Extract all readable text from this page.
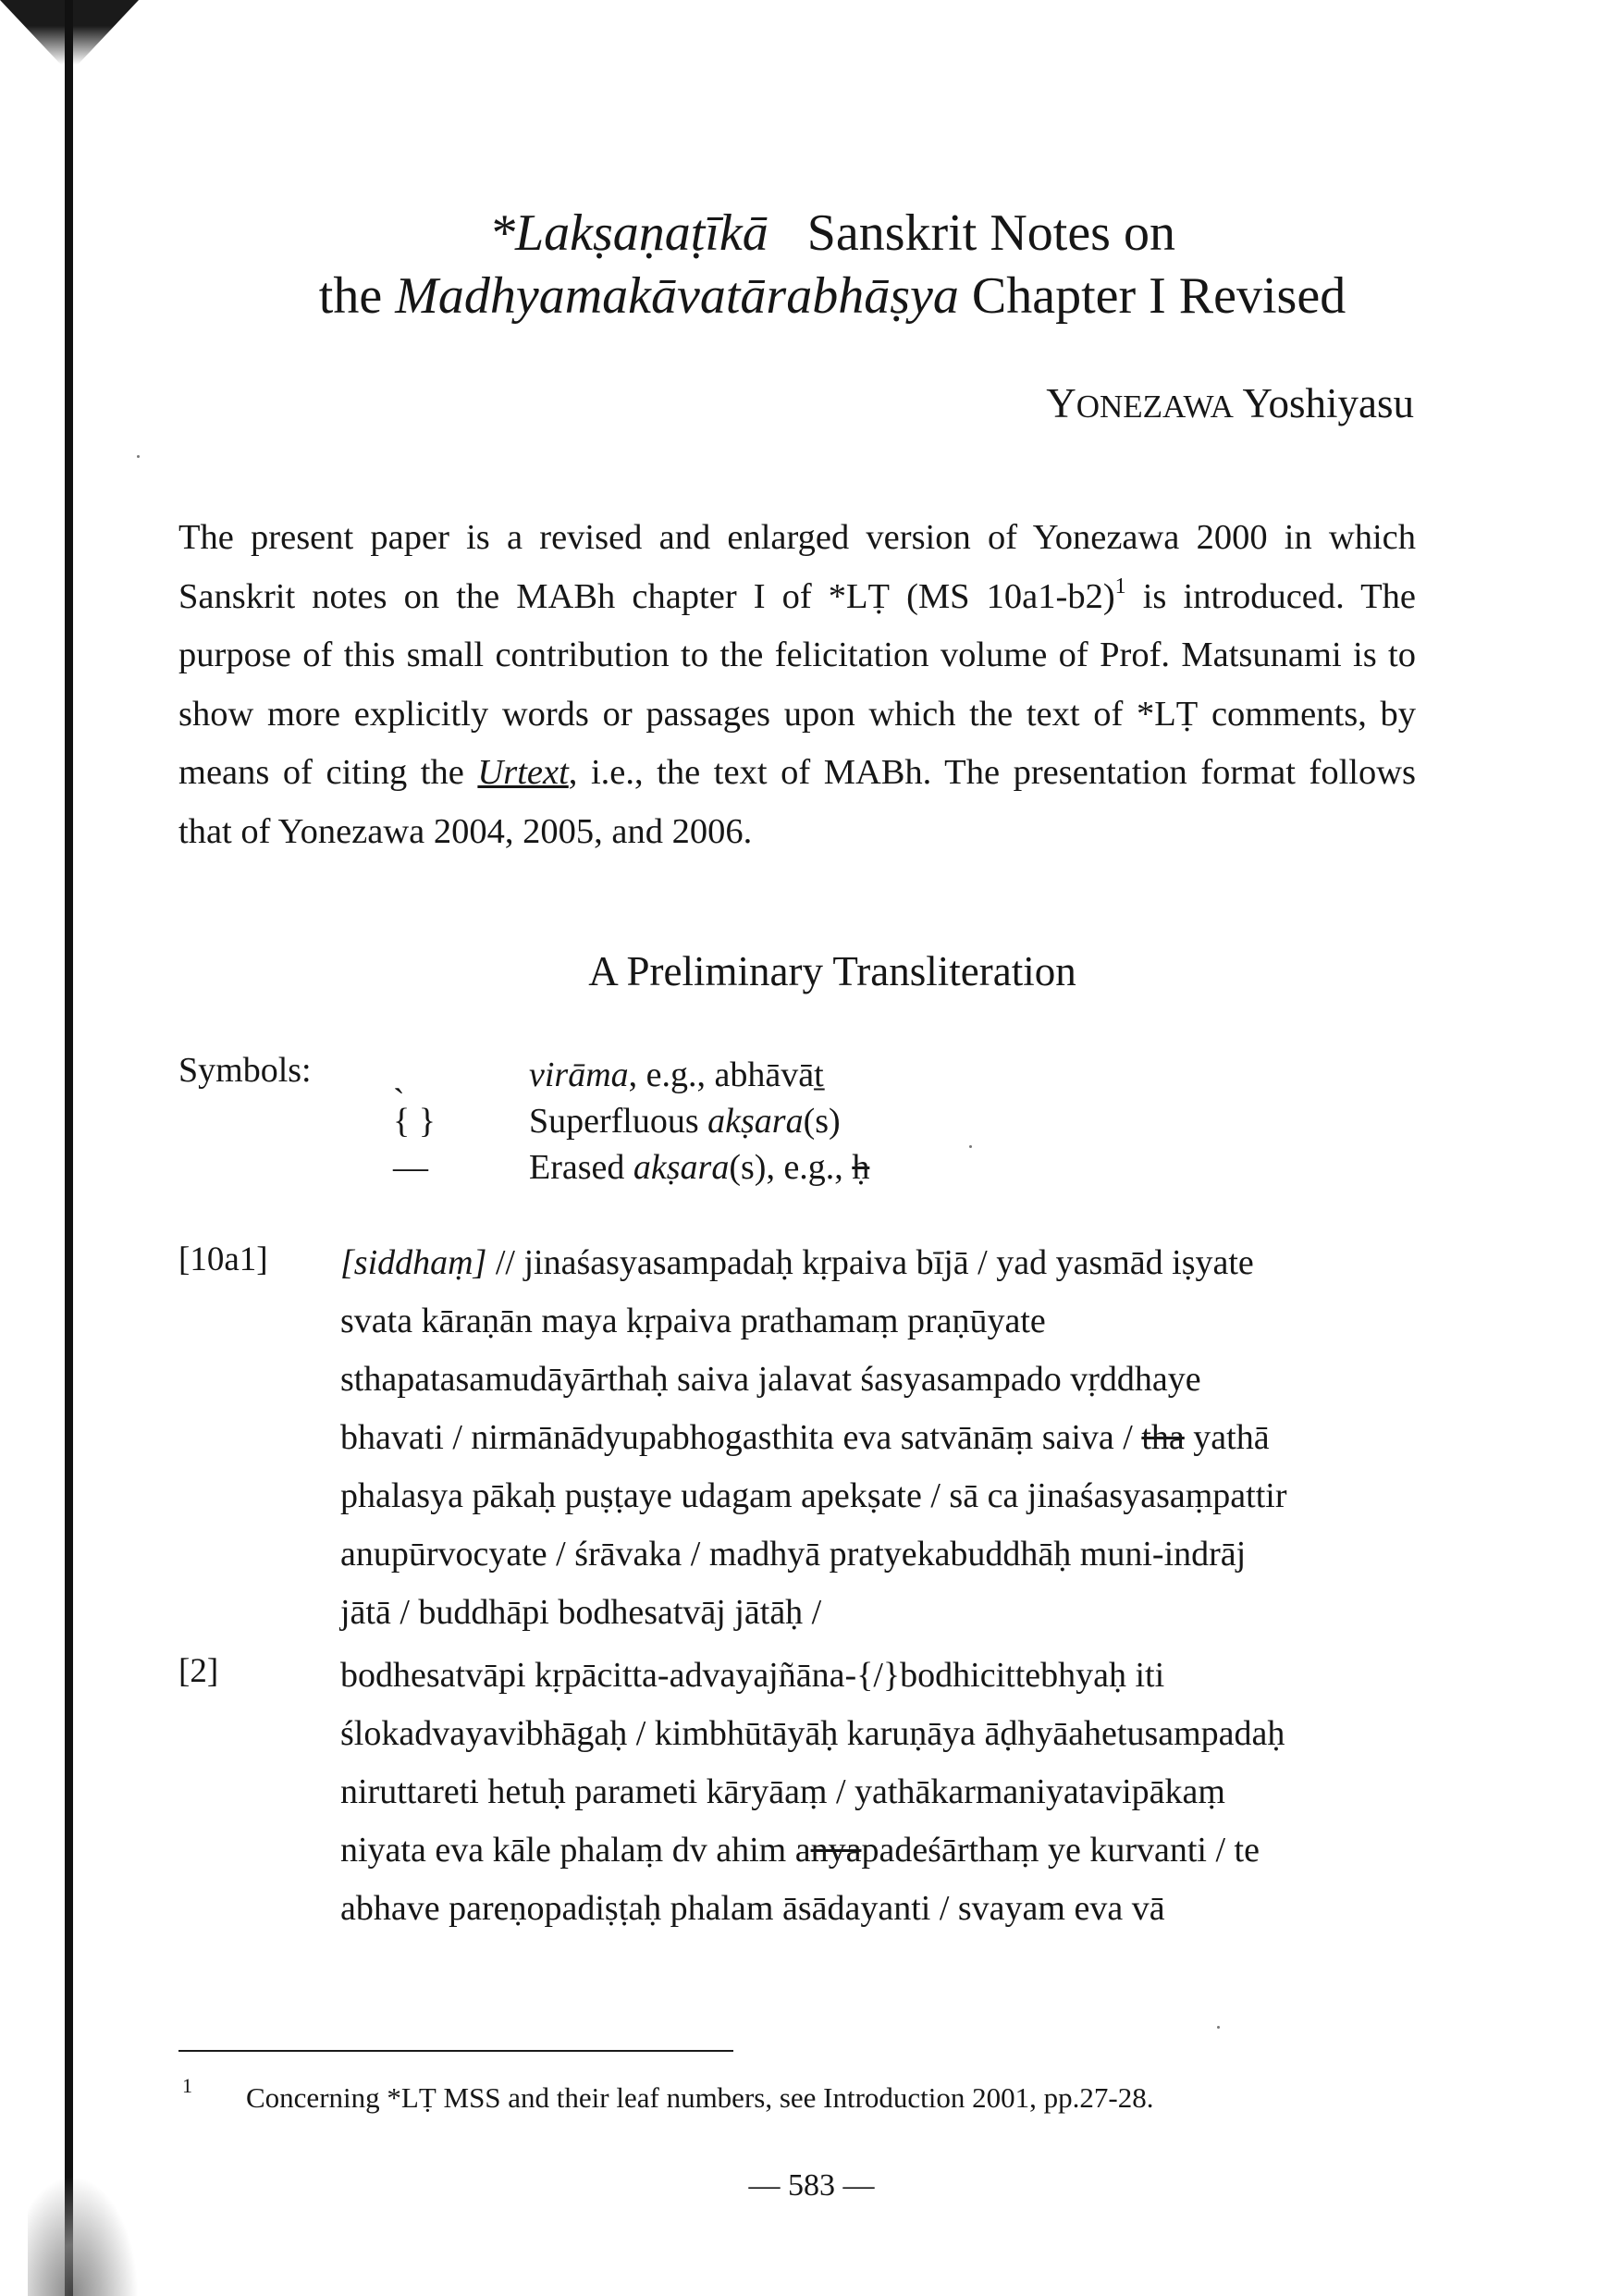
*Lakṣaṇaṭīkā Sanskrit Notes on
the Madhyamakāvatārabhāṣya Chapter I Revised
YONEZAWA Yoshiyasu
The present paper is a revised and enlarged version of Yonezawa 2000 in which Sanskrit notes on the MABh chapter I of *LṬ (MS 10a1-b2)$^1$ is introduced. The purpose of this small contribution to the felicitation volume of Prof. Matsunami is to show more explicitly words or passages upon which the text of *LṬ comments, by means of citing the Urtext, i.e., the text of MABh. The presentation format follows that of Yonezawa 2004, 2005, and 2006.
A Preliminary Transliteration
Symbols: ˎ	virāma, e.g., abhāvāṯ
{ }	Superfluous akṣara(s)
—	Erased akṣara(s), e.g., ḥ
[10a1] [siddhaṃ] // jinaśasyasampadaḥ kṛpaiva bījā / yad yasmād iṣyate
svata kāraṇān maya kṛpaiva prathamaṃ praṇūyate
sthapatasamudāyārthaḥ saiva jalavat śasyasampado vṛddhaye
bhavati / nirmānādyupabhogasthita eva satvānāṃ saiva / tha yathā
phalasya pākaḥ puṣṭaye udagam apekṣate / sā ca jinaśasyasaṃpattir
anupūrvocyate / śrāvaka / madhyā pratyekabuddhāḥ muni-indrāj
jātā / buddhāpi bodhesatvāj jātāḥ /
[2]	bodhesatvāpi kṛpācitta-advayajñāna-{/}bodhicittebhyaḥ iti
ślokadvayavibhāgaḥ / kimbhūtāyāḥ karuṇāya āḍhyāahetusampadaḥ
niruttareti hetuḥ parameti kāryāaṃ / yathākarmaniyatavipākaṃ
niyata eva kāle phalaṃ dv ahim anyapadeśārthaṃ ye kurvanti / te
abhave pareṇopadiṣṭaḥ phalam āsādayanti / svayam eva vā
1 Concerning *LṬ MSS and their leaf numbers, see Introduction 2001, pp.27-28.
— 583 —
